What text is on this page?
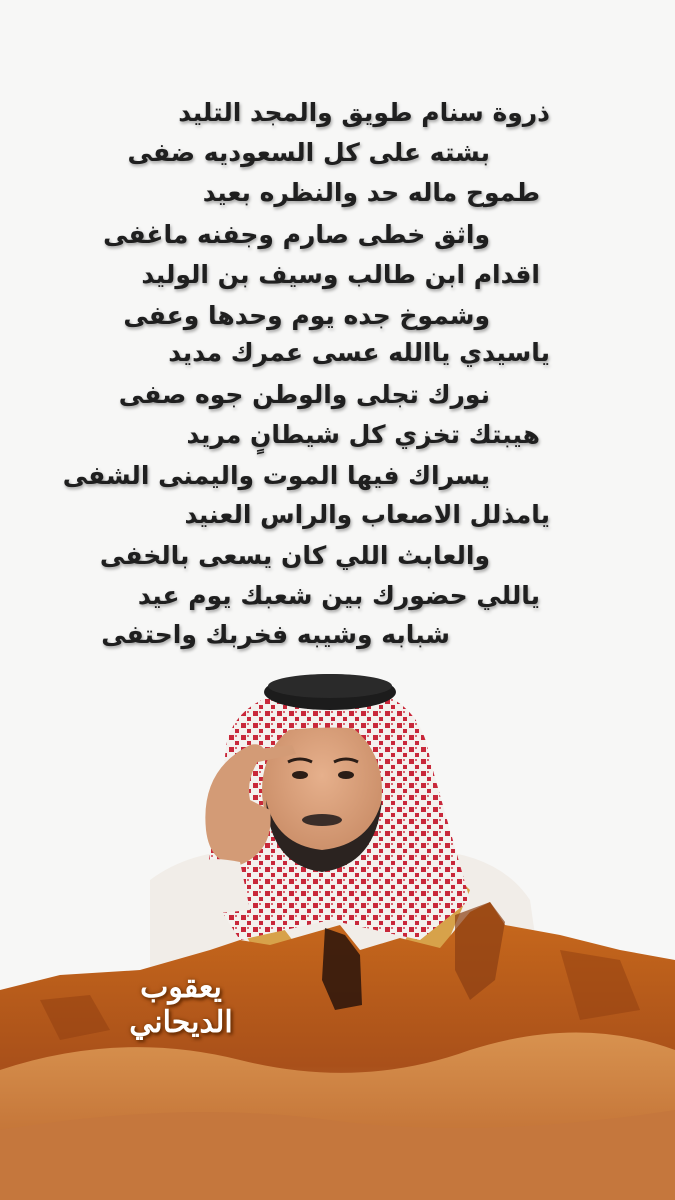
ذروة سنام طويق والمجد التليد
بشته على كل السعوديه ضفى
طموح ماله حد والنظره بعيد
واثق خطى صارم وجفنه ماغفى
اقدام ابن طالب وسيف بن الوليد
وشموخ جده يوم وحدها وعفى
ياسيدي ياالله عسى عمرك مديد
نورك تجلى والوطن جوه صفى
هيبتك تخزي كل شيطانٍ مريد
يسراك فيها الموت واليمنى الشفى
يامذلل الاصعاب والراس العنيد
والعابث اللي كان يسعى بالخفى
ياللي حضورك بين شعبك يوم عيد
شبابه وشيبه فخربك واحتفى
يعقوب الديحاني
